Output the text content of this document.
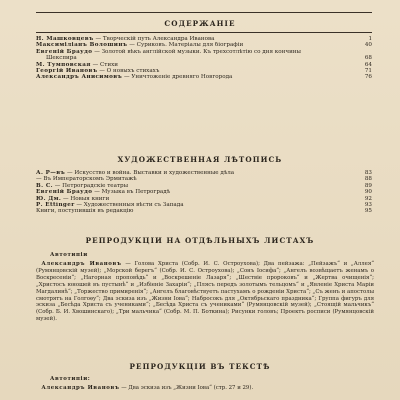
СОДЕРЖАНІЕ
Н. Машковцевъ — Творческій путь Александра Иванова	1
Максиміліанъ Волошинъ — Суриковъ. Матеріалы для біографіи	40
Евгеній Браудо — Золотой вѣкъ англійской музыки. Къ трехсотлѣтію со дня кончины
Шекспира	68
М. Тумповская — Стихи	64
Георгій Ивановъ — О новыхъ стихахъ	71
Александръ Анисимовъ — Уничтоженіе древняго Новгорода	76
ХУДОЖЕСТВЕННАЯ ЛѢТОПИСЬ
А. Р—въ — Искусство и война. Выставки и художественные дѣла	83
— Въ Императорскомъ Эрмитажѣ	88
В. С. — Петроградскіе театры	89
Евгеній Браудо — Музыка въ Петроградѣ	90
Ю. Дм. — Новыя книги	92
Р. Ettinger — Художественныя вѣсти съ Запада	93
Книги, поступившія въ редакцію	95
РЕПРОДУКЦІИ НА ОТДѢЛЬНЫХЪ ЛИСТАХЪ
Автотипіи
 Александръ Ивановъ — Голова Христа (Собр. И. С. Остроухова); Два пейзажа: „Пейзажъ“ и „Аллея“ (Румянцовскій музей); „Морской берегъ“ (Собр. И. С. Остроухова); „Сонъ Іосифа“; „Ангелъ возвѣщаетъ женамъ о Воскресеніи“; „Нагорная проповѣдь“ и „Воскрешеніе Лазаря“; „Шествіе пророковъ“ и „Жертва очищенія“; „Христосъ юношей въ пустынѣ“ и „Избіеніе Захаріи“; „Плясъ передъ золотымъ тельцомъ“ и „Явленіе Христа Маріи Магдалинѣ“; „Торжество примиренія“; „Ангелъ благовѣствуетъ пастухамъ о рожденіи Христа“; „Съ женъ и апостолы смотрятъ на Голгоѳу“; Два эскиза изъ „Жизни Іова“; Набросокъ для „Октябрьскаго праздника“; Группа фигуръ для эскиза „Бесѣда Христа съ учениками“; „Бесѣда Христа съ учениками“ (Румянцовскій музей); „Стоящій мальчикъ“ (Собр. Б. И. Хвошинскаго); „Три мальчика“ (Собр. М. П. Боткина); Рисунки головъ; Проектъ росписи (Румянцовскій музей).
РЕПРОДУКЦІИ ВЪ ТЕКСТѢ
Автотипіи:
 Александръ Ивановъ — Два эскиза изъ „Жизни Іова“ (стр. 27 и 29).
